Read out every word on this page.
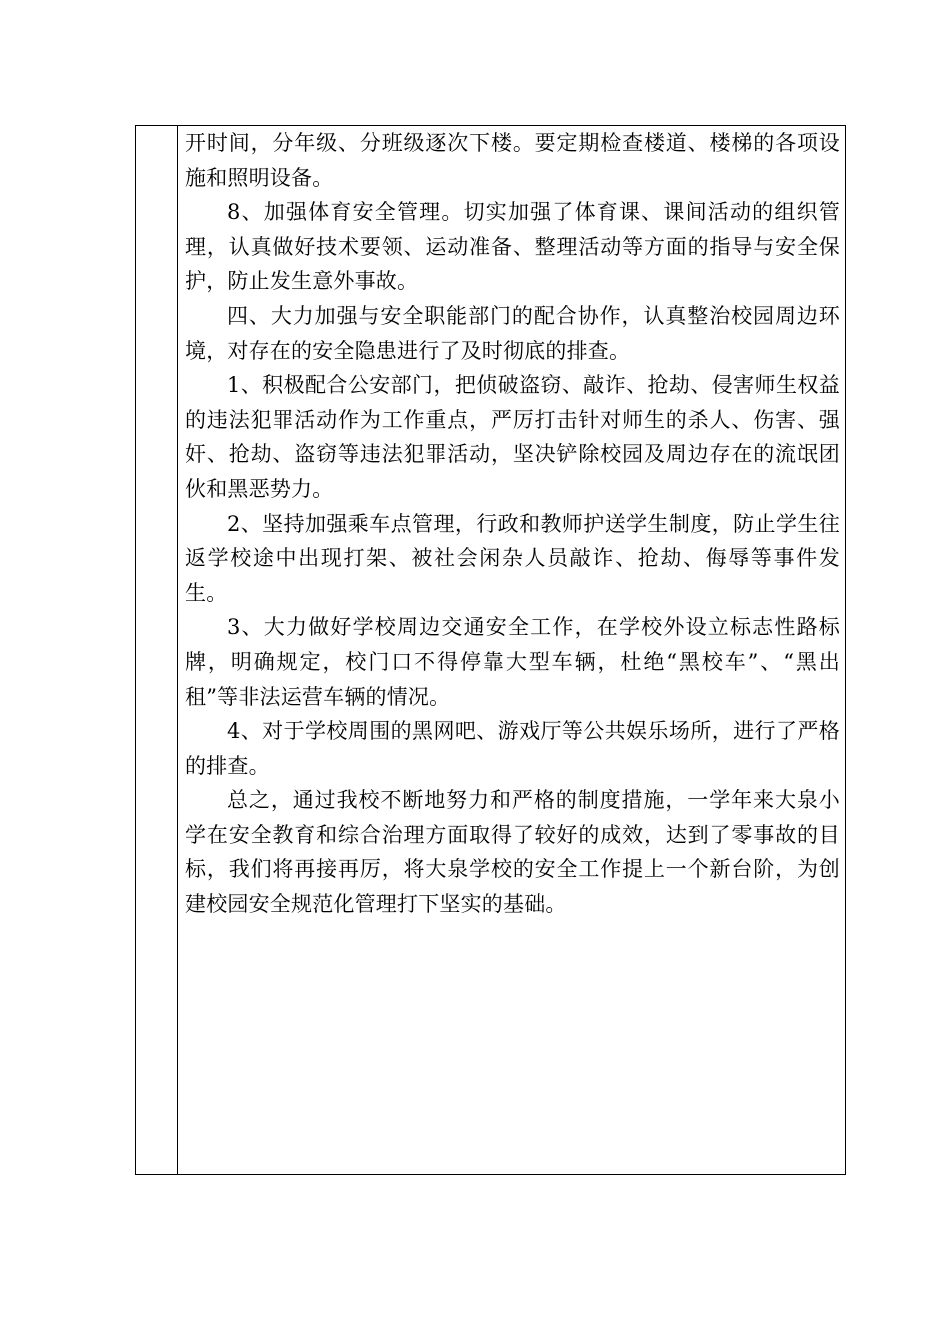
开时间，分年级、分班级逐次下楼。要定期检查楼道、楼梯的各项设施和照明设备。

8、加强体育安全管理。切实加强了体育课、课间活动的组织管理，认真做好技术要领、运动准备、整理活动等方面的指导与安全保护，防止发生意外事故。

四、大力加强与安全职能部门的配合协作，认真整治校园周边环境，对存在的安全隐患进行了及时彻底的排查。

1、积极配合公安部门，把侦破盗窃、敲诈、抢劫、侵害师生权益的违法犯罪活动作为工作重点，严厉打击针对师生的杀人、伤害、强奸、抢劫、盗窃等违法犯罪活动，坚决铲除校园及周边存在的流氓团伙和黑恶势力。

2、坚持加强乘车点管理，行政和教师护送学生制度，防止学生往返学校途中出现打架、被社会闲杂人员敲诈、抢劫、侮辱等事件发生。

3、大力做好学校周边交通安全工作，在学校外设立标志性路标牌，明确规定，校门口不得停靠大型车辆，杜绝“黑校车”、“黑出租”等非法运营车辆的情况。

4、对于学校周围的黑网吧、游戏厅等公共娱乐场所，进行了严格的排查。

总之，通过我校不断地努力和严格的制度措施，一学年来大泉小学在安全教育和综合治理方面取得了较好的成效，达到了零事故的目标，我们将再接再厉，将大泉学校的安全工作提上一个新台阶，为创建校园安全规范化管理打下坚实的基础。
